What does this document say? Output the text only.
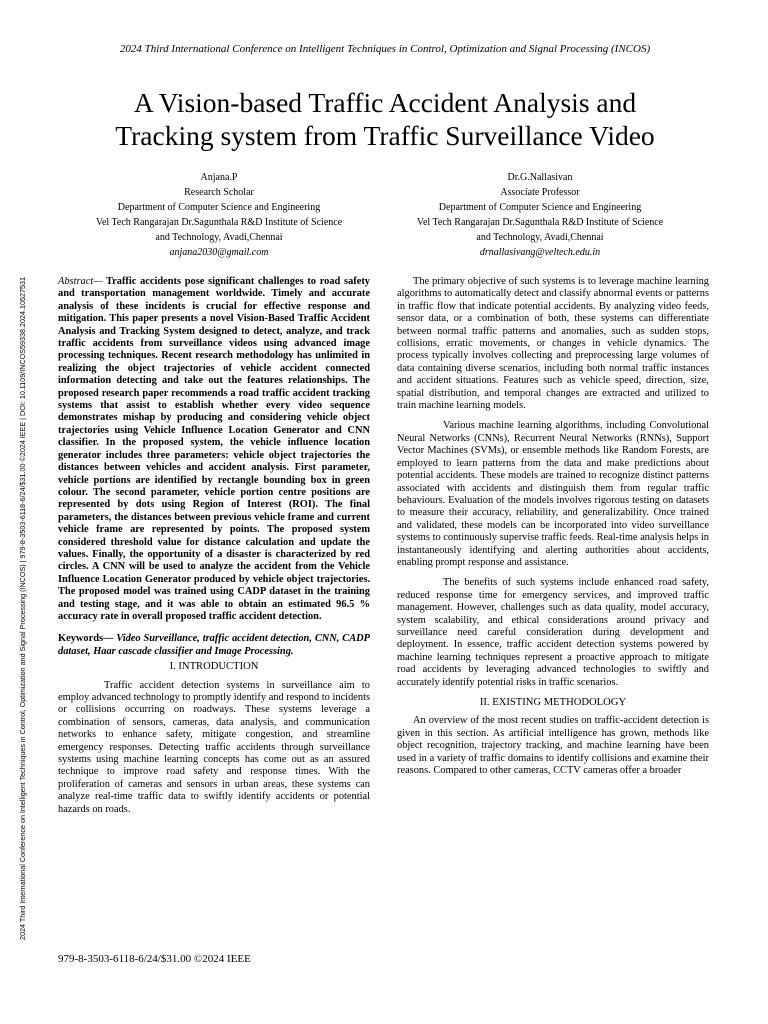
2024 Third International Conference on Intelligent Techniques in Control, Optimization and Signal Processing (INCOS)
A Vision-based Traffic Accident Analysis and
Tracking system from Traffic Surveillance Video
Anjana.P
Research Scholar
Department of Computer Science and Engineering
Vel Tech Rangarajan Dr.Sagunthala R&D Institute of Science
and Technology, Avadi,Chennai
anjana2030@gmail.com
Dr.G.Nallasivan
Associate Professor
Department of Computer Science and Engineering
Vel Tech Rangarajan Dr.Sagunthala R&D Institute of Science
and Technology, Avadi,Chennai
drnallasivang@veltech.edu.in
2024 Third International Conference on Intelligent Techniques in Control, Optimization and Signal Processing (INCOS) | 979-8-3503-6118-6/24/$31.00 ©2024 IEEE | DOI: 10.1109/INCOS59338.2024.10527531	Abstract— Traffic accidents pose significant challenges to road safety and transportation management worldwide. Timely and accurate analysis of these incidents is crucial for effective response and mitigation. This paper presents a novel Vision-Based Traffic Accident Analysis and Tracking System designed to detect, analyze, and track traffic accidents from surveillance videos using advanced image processing techniques. Recent research methodology has unlimited in realizing the object trajectories of vehicle accident connected information detecting and take out the features relationships. The proposed research paper recommends a road traffic accident tracking systems that assist to establish whether every video sequence demonstrates mishap by producing and considering vehicle object trajectories using Vehicle Influence Location Generator and CNN classifier. In the proposed system, the vehicle influence location generator includes three parameters: vehicle object trajectories the distances between vehicles and accident analysis. First parameter, vehicle portions are identified by rectangle bounding box in green colour. The second parameter, vehicle portion centre positions are represented by dots using Region of Interest (ROI). The final parameters, the distances between previous vehicle frame and current vehicle frame are represented by points. The proposed system considered threshold value for distance calculation and update the values. Finally, the opportunity of a disaster is characterized by red circles. A CNN will be used to analyze the accident from the Vehicle Influence Location Generator produced by vehicle object trajectories. The proposed model was trained using CADP dataset in the training and testing stage, and it was able to obtain an estimated 96.5 % accuracy rate in overall proposed traffic accident detection.

Keywords— Video Surveillance, traffic accident detection, CNN, CADP dataset, Haar cascade classifier and Image Processing.

I. INTRODUCTION

Traffic accident detection systems in surveillance aim to employ advanced technology to promptly identify and respond to incidents or collisions occurring on roadways. These systems leverage a combination of sensors, cameras, data analysis, and communication networks to enhance safety, mitigate congestion, and streamline emergency responses. Detecting traffic accidents through surveillance systems using machine learning concepts has come out as an assured technique to improve road safety and response times. With the proliferation of cameras and sensors in urban areas, these systems can analyze real-time traffic data to swiftly identify accidents or potential hazards on roads.

The primary objective of such systems is to leverage machine learning algorithms to automatically detect and classify abnormal events or patterns in traffic flow that indicate potential accidents. By analyzing video feeds, sensor data, or a combination of both, these systems can differentiate between normal traffic patterns and anomalies, such as sudden stops, collisions, erratic movements, or changes in vehicle dynamics. The process typically involves collecting and preprocessing large volumes of data containing diverse scenarios, including both normal traffic instances and accident situations. Features such as vehicle speed, direction, size, spatial distribution, and temporal changes are extracted and utilized to train machine learning models.

Various machine learning algorithms, including Convolutional Neural Networks (CNNs), Recurrent Neural Networks (RNNs), Support Vector Machines (SVMs), or ensemble methods like Random Forests, are employed to learn patterns from the data and make predictions about potential accidents. These models are trained to recognize distinct patterns associated with accidents and distinguish them from regular traffic behaviours. Evaluation of the models involves rigorous testing on datasets to measure their accuracy, reliability, and generalizability. Once trained and validated, these models can be incorporated into video surveillance systems to continuously supervise traffic feeds. Real-time analysis helps in instantaneously identifying and alerting authorities about accidents, enabling prompt response and assistance.

The benefits of such systems include enhanced road safety, reduced response time for emergency services, and improved traffic management. However, challenges such as data quality, model accuracy, system scalability, and ethical considerations around privacy and surveillance need careful consideration during development and deployment. In essence, traffic accident detection systems powered by machine learning techniques represent a proactive approach to mitigate road accidents by leveraging advanced technologies to swiftly and accurately identify potential risks in traffic scenarios.

II. EXISTING METHODOLOGY

An overview of the most recent studies on traffic-accident detection is given in this section. As artificial intelligence has grown, methods like object recognition, trajectory tracking, and machine learning have been used in a variety of traffic domains to identify collisions and examine their reasons. Compared to other cameras, CCTV cameras offer a broader

979-8-3503-6118-6/24/$31.00 ©2024 IEEE
